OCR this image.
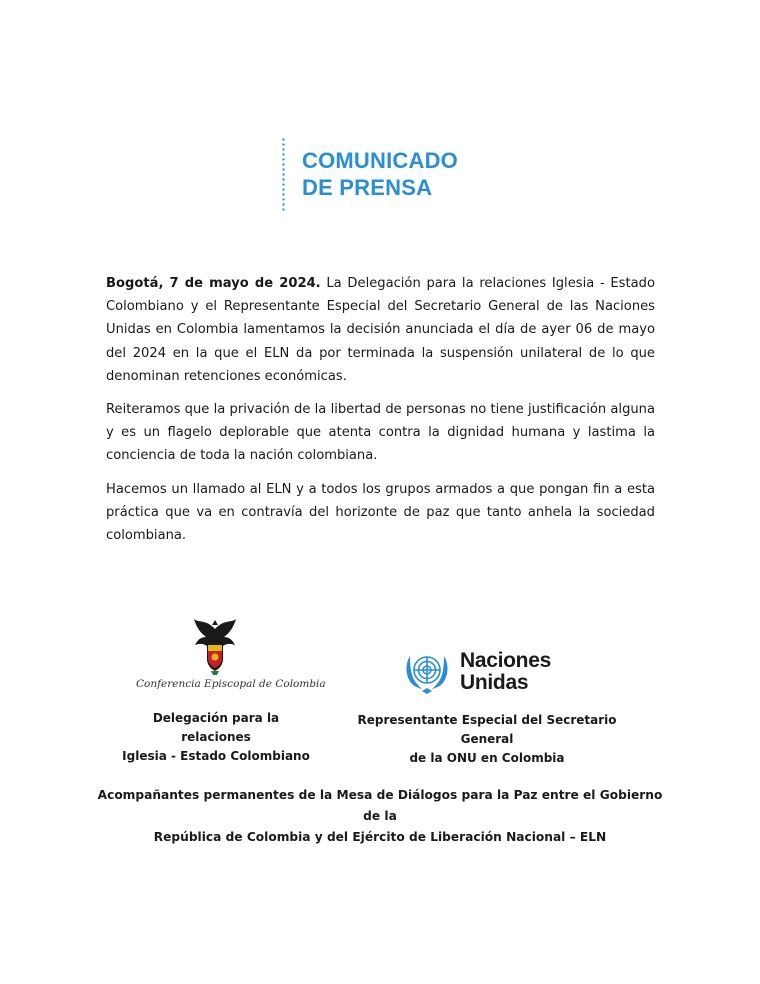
COMUNICADO
DE PRENSA

Bogotá, 7 de mayo de 2024. La Delegación para la relaciones Iglesia - Estado Colombiano y el Representante Especial del Secretario General de las Naciones Unidas en Colombia lamentamos la decisión anunciada el día de ayer 06 de mayo del 2024 en la que el ELN da por terminada la suspensión unilateral de lo que denominan retenciones económicas.

Reiteramos que la privación de la libertad de personas no tiene justificación alguna y es un flagelo deplorable que atenta contra la dignidad humana y lastima la conciencia de toda la nación colombiana.

Hacemos un llamado al ELN y a todos los grupos armados a que pongan fin a esta práctica que va en contravía del horizonte de paz que tanto anhela la sociedad colombiana.

Conferencia Episcopal de Colombia
Naciones
Unidas
Delegación para la relaciones
Iglesia - Estado Colombiano
Representante Especial del Secretario General
de la ONU en Colombia
Acompañantes permanentes de la Mesa de Diálogos para la Paz entre el Gobierno de la
República de Colombia y del Ejército de Liberación Nacional – ELN
